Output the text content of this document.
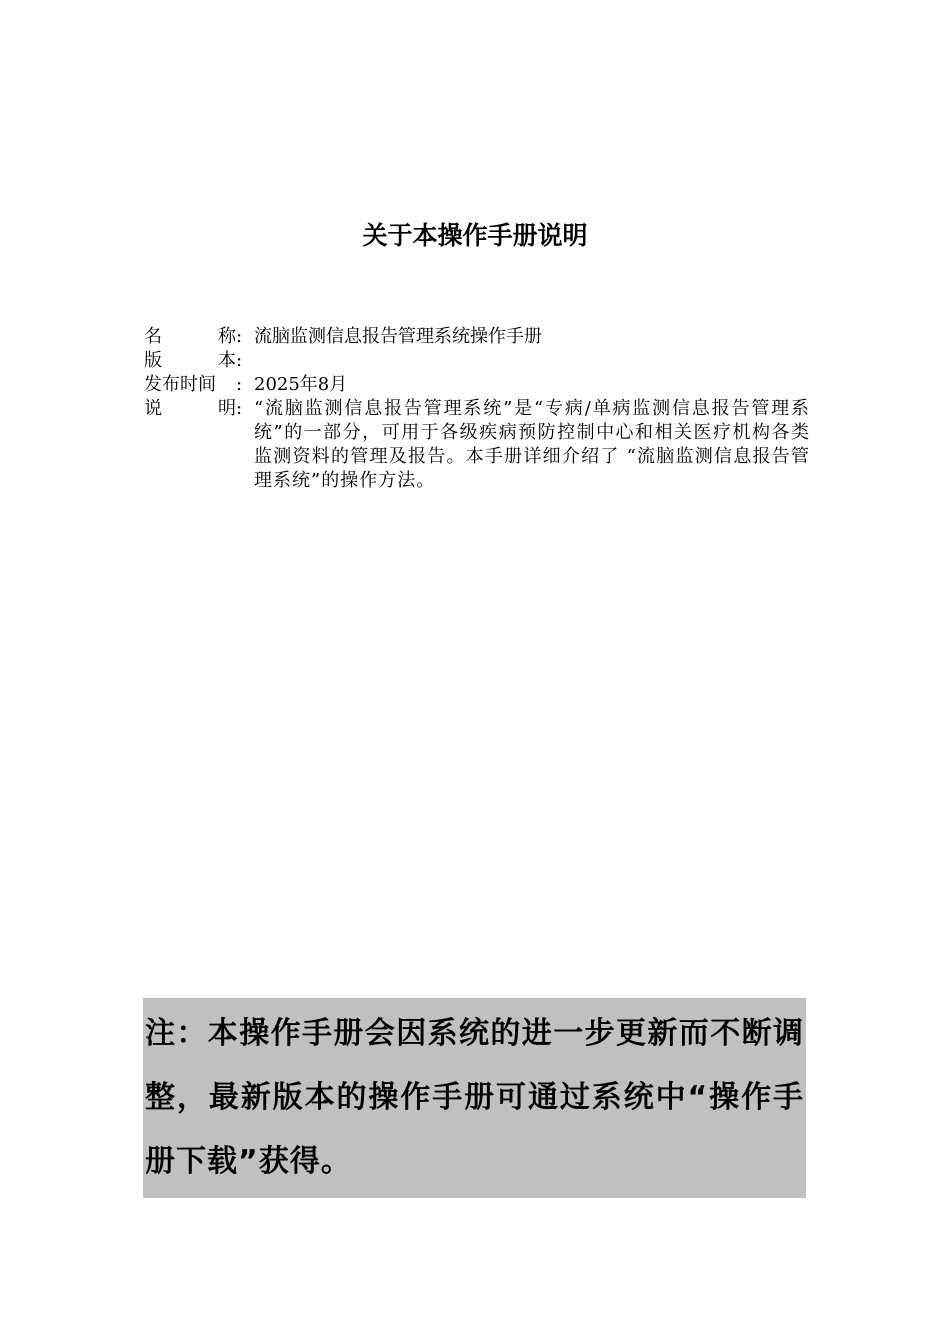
关于本操作手册说明
名	称 : 流脑监测信息报告管理系统操作手册
版	本 :
发布时间 : 2025年8月
说	明 : “流脑监测信息报告管理系统”是“专病/单病监测信息报告管理系统”的一部分，可用于各级疾病预防控制中心和相关医疗机构各类监测资料的管理及报告。本手册详细介绍了 “流脑监测信息报告管理系统”的操作方法。

注：本操作手册会因系统的进一步更新而不断调整，最新版本的操作手册可通过系统中“操作手册下载”获得。
